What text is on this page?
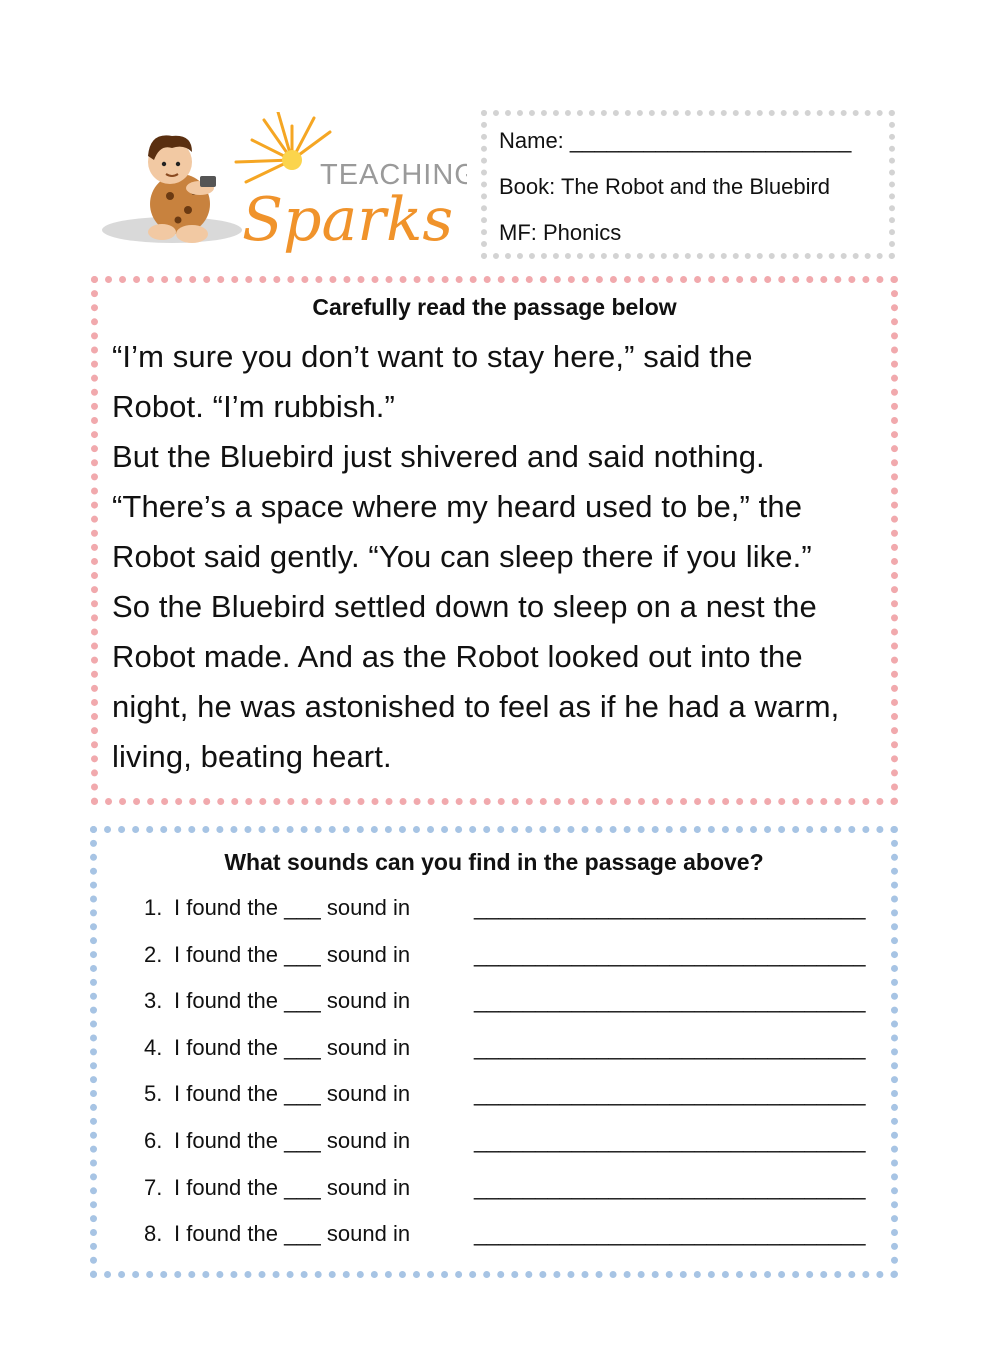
TEACHING
Sparks
Name: _______________________
Book: The Robot and the Bluebird
MF: Phonics
Carefully read the passage below
“I’m sure you don’t want to stay here,” said the
Robot. “I’m rubbish.”
But the Bluebird just shivered and said nothing.
“There’s a space where my heard used to be,” the
Robot said gently. “You can sleep there if you like.”
So the Bluebird settled down to sleep on a nest the
Robot made. And as the Robot looked out into the
night, he was astonished to feel as if he had a warm,
living, beating heart.
What sounds can you find in the passage above?

1.

I found the ___ sound in

	________________________________

2.

I found the ___ sound in

	________________________________

3.

I found the ___ sound in

	________________________________

4.

I found the ___ sound in

	________________________________

5.

I found the ___ sound in

	________________________________

6.

I found the ___ sound in

	________________________________

7.

I found the ___ sound in

	________________________________

8.

I found the ___ sound in

	________________________________
